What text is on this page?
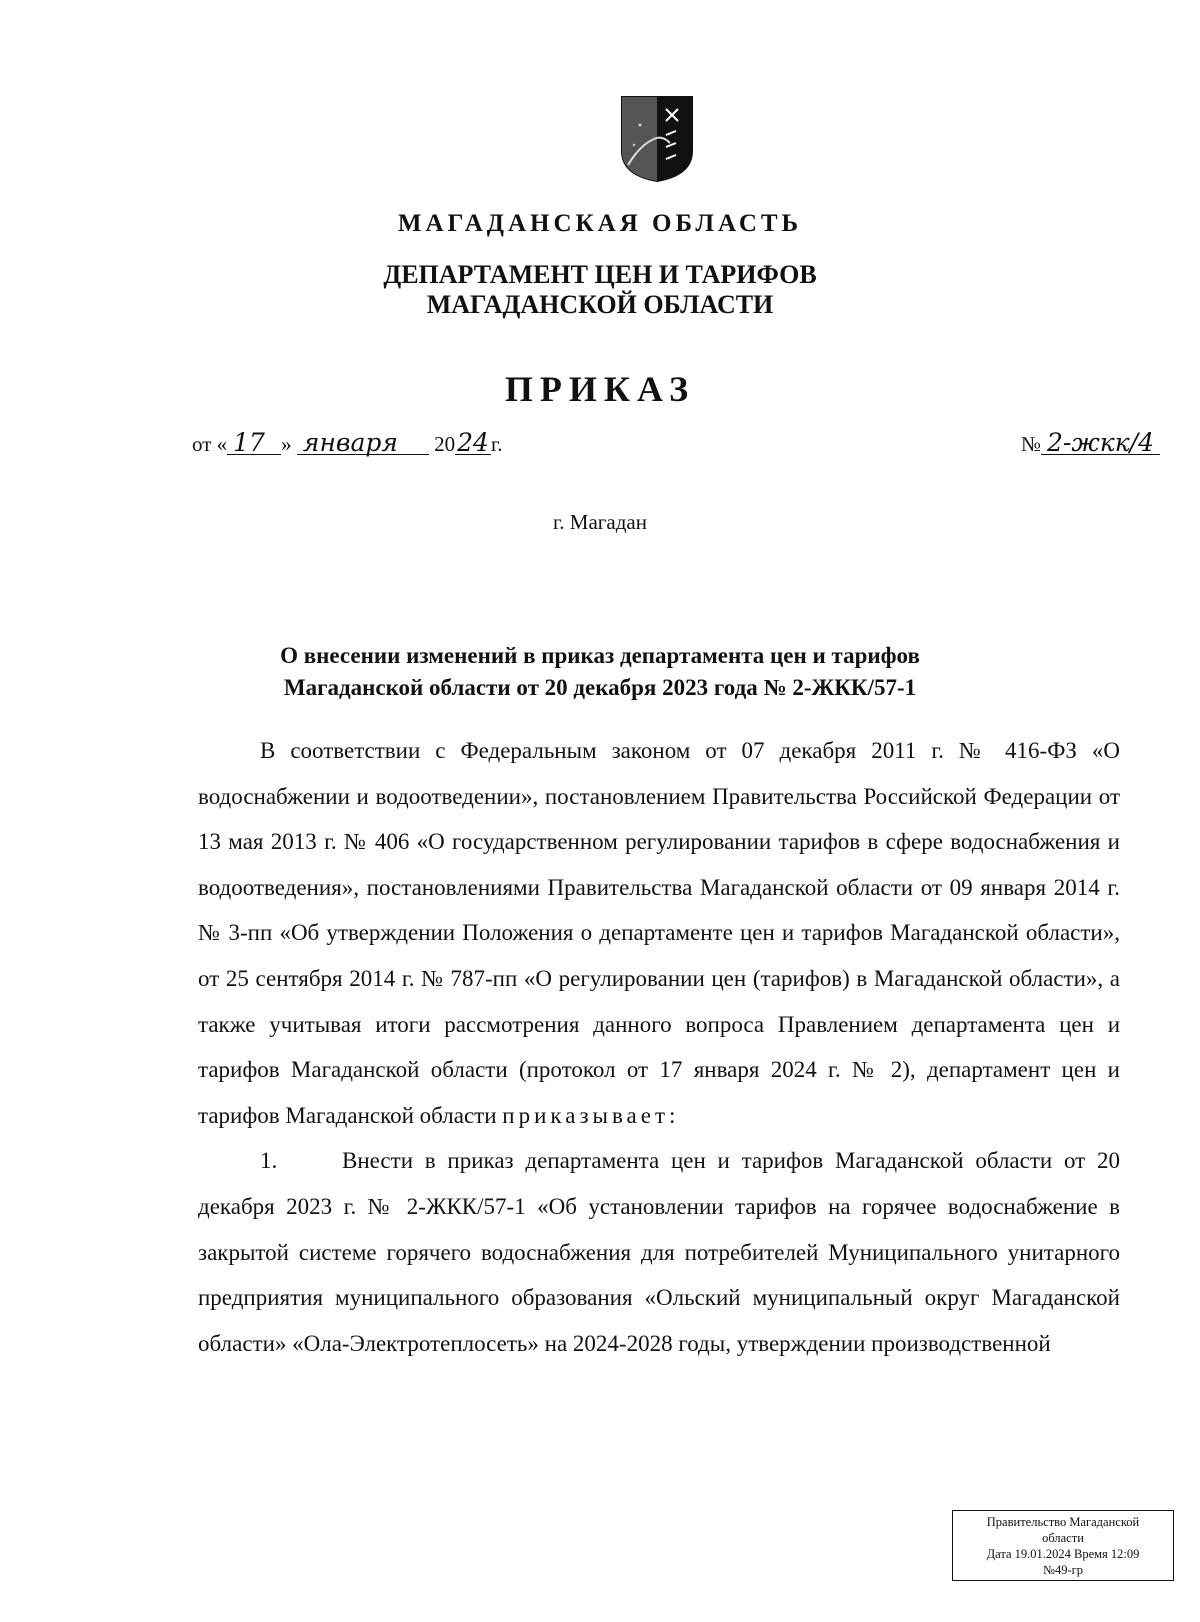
МАГАДАНСКАЯ ОБЛАСТЬ
ДЕПАРТАМЕНТ ЦЕН И ТАРИФОВ
МАГАДАНСКОЙ ОБЛАСТИ
ПРИКАЗ
от « 17 » января 2024г.	№ 2-жкк/4
г. Магадан
О внесении изменений в приказ департамента цен и тарифов
Магаданской области от 20 декабря 2023 года № 2-ЖКК/57-1

В соответствии с Федеральным законом от 07 декабря 2011 г. № 416-ФЗ «О водоснабжении и водоотведении», постановлением Правительства Российской Федерации от 13 мая 2013 г. № 406 «О государственном регулировании тарифов в сфере водоснабжения и водоотведения», постановлениями Правительства Магаданской области от 09 января 2014 г. № 3-пп «Об утверждении Положения о департаменте цен и тарифов Магаданской области», от 25 сентября 2014 г. № 787-пп «О регулировании цен (тарифов) в Магаданской области», а также учитывая итоги рассмотрения данного вопроса Правлением департамента цен и тарифов Магаданской области (протокол от 17 января 2024 г. № 2), департамент цен и тарифов Магаданской области приказывает:

1.	Внести в приказ департамента цен и тарифов Магаданской области от 20 декабря 2023 г. № 2-ЖКК/57-1 «Об установлении тарифов на горячее водоснабжение в закрытой системе горячего водоснабжения для потребителей Муниципального унитарного предприятия муниципального образования «Ольский муниципальный округ Магаданской области» «Ола-Электротеплосеть» на 2024-2028 годы, утверждении производственной

Правительство Магаданской
области
Дата 19.01.2024 Время 12:09
№49-гр
